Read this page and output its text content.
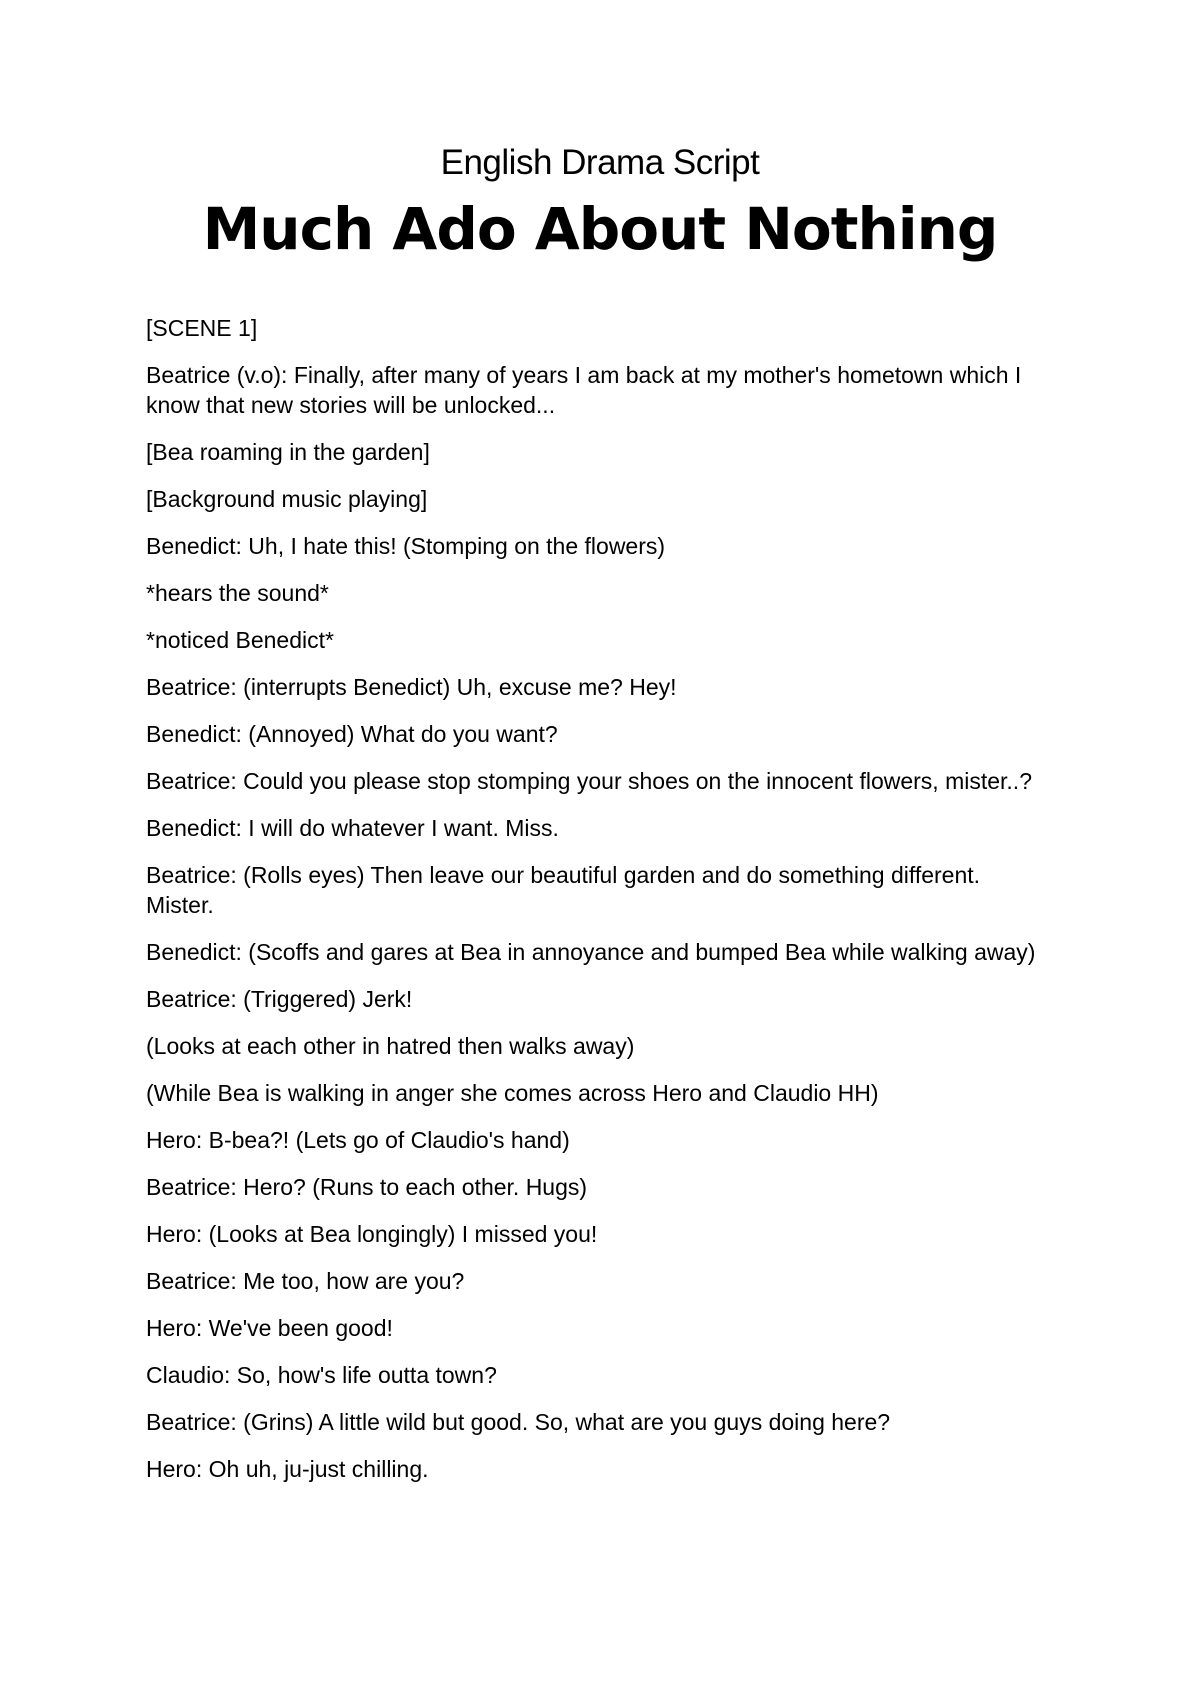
English Drama Script
Much Ado About Nothing

[SCENE 1]

Beatrice (v.o): Finally, after many of years I am back at my mother's hometown which I know that new stories will be unlocked...

[Bea roaming in the garden]

[Background music playing]

Benedict: Uh, I hate this! (Stomping on the flowers)

*hears the sound*

*noticed Benedict*

Beatrice: (interrupts Benedict) Uh, excuse me? Hey!

Benedict: (Annoyed) What do you want?

Beatrice: Could you please stop stomping your shoes on the innocent flowers, mister..?

Benedict: I will do whatever I want. Miss.

Beatrice: (Rolls eyes) Then leave our beautiful garden and do something different. Mister.

Benedict: (Scoffs and gares at Bea in annoyance and bumped Bea while walking away)

Beatrice: (Triggered) Jerk!

(Looks at each other in hatred then walks away)

(While Bea is walking in anger she comes across Hero and Claudio HH)

Hero: B-bea?! (Lets go of Claudio's hand)

Beatrice: Hero? (Runs to each other. Hugs)

Hero: (Looks at Bea longingly) I missed you!

Beatrice: Me too, how are you?

Hero: We've been good!

Claudio: So, how's life outta town?

Beatrice: (Grins) A little wild but good. So, what are you guys doing here?

Hero: Oh uh, ju-just chilling.
